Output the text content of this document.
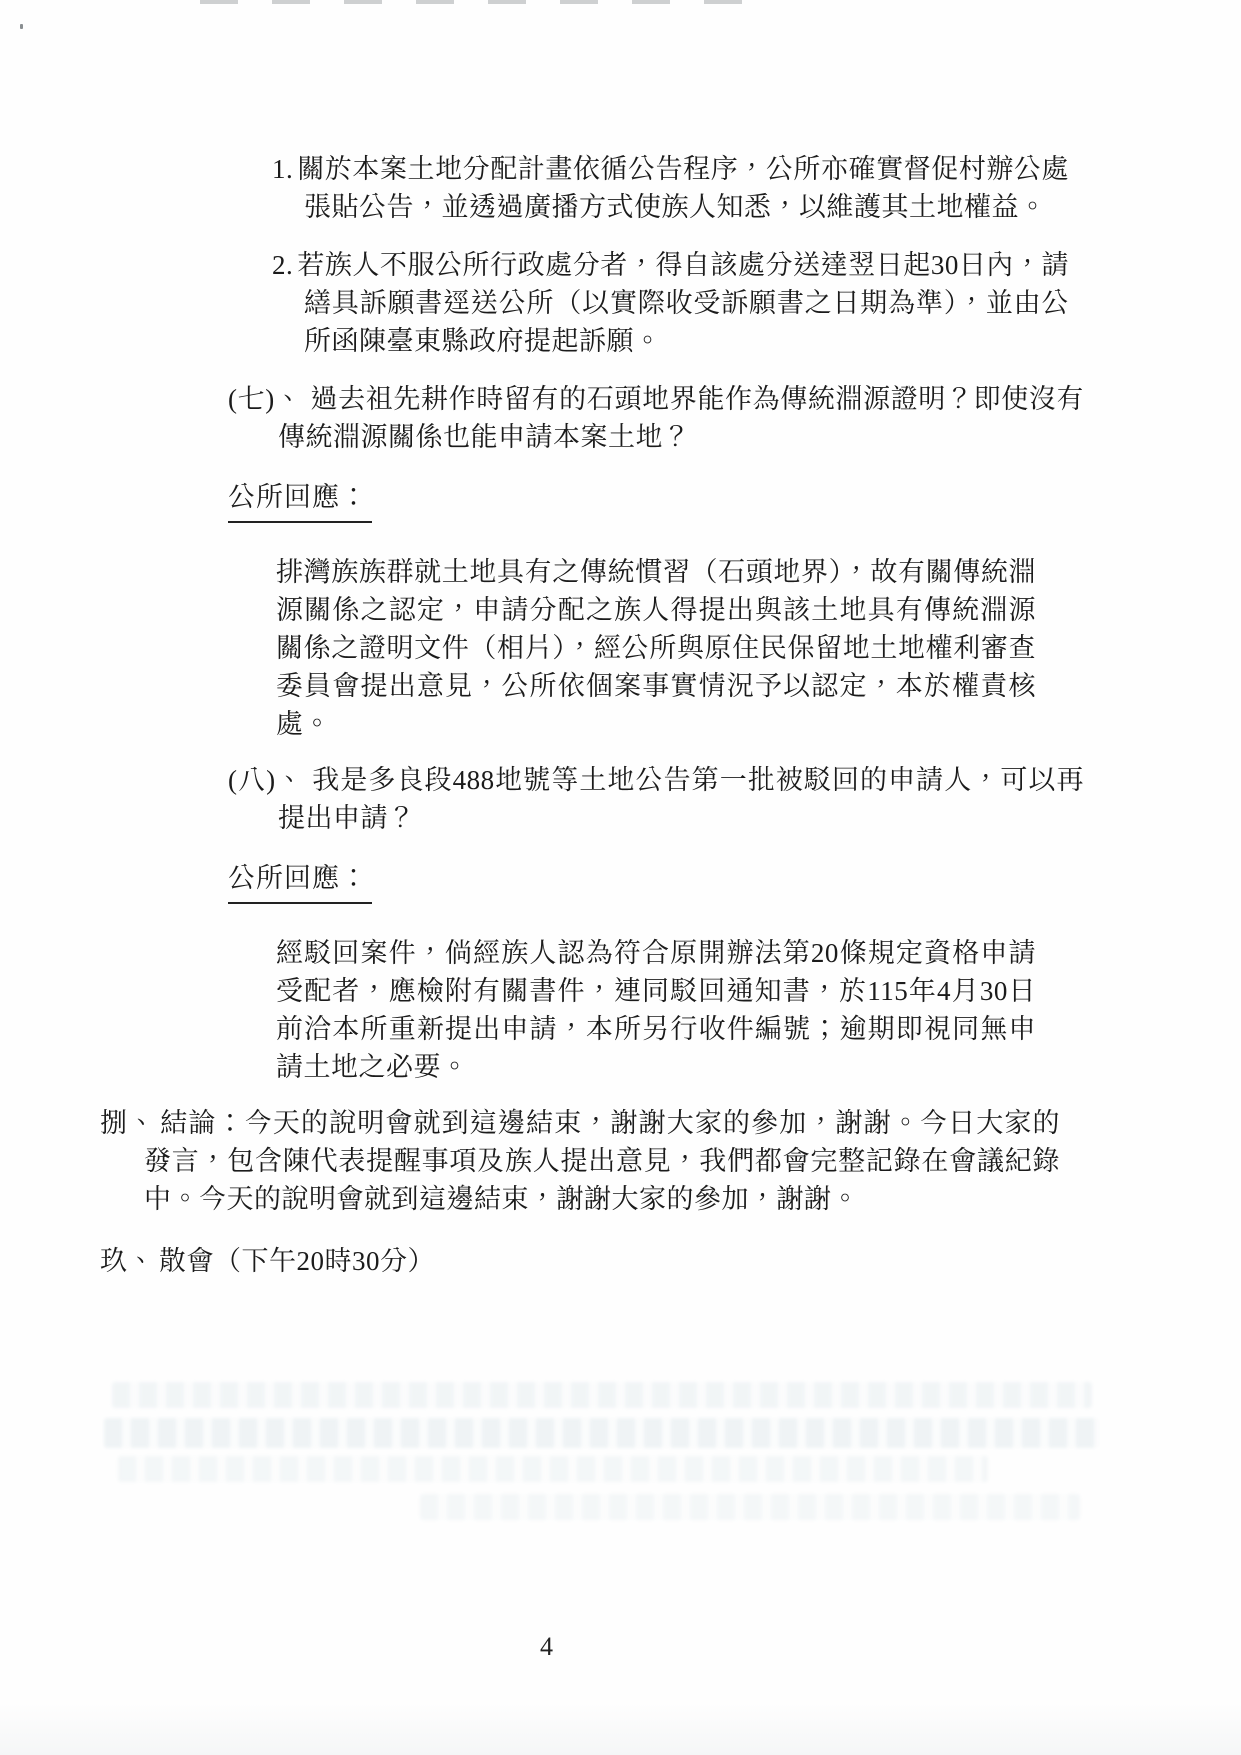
1. 關於本案土地分配計畫依循公告程序，公所亦確實督促村辦公處張貼公告，並透過廣播方式使族人知悉，以維護其土地權益。

2. 若族人不服公所行政處分者，得自該處分送達翌日起30日內，請繕具訴願書逕送公所（以實際收受訴願書之日期為準），並由公所函陳臺東縣政府提起訴願。

(七)、 過去祖先耕作時留有的石頭地界能作為傳統淵源證明？即使沒有傳統淵源關係也能申請本案土地？

公所回應：

排灣族族群就土地具有之傳統慣習（石頭地界），故有關傳統淵源關係之認定，申請分配之族人得提出與該土地具有傳統淵源關係之證明文件（相片），經公所與原住民保留地土地權利審查委員會提出意見，公所依個案事實情況予以認定，本於權責核處。

(八)、 我是多良段488地號等土地公告第一批被駁回的申請人，可以再提出申請？

公所回應：

經駁回案件，倘經族人認為符合原開辦法第20條規定資格申請受配者，應檢附有關書件，連同駁回通知書，於115年4月30日前洽本所重新提出申請，本所另行收件編號；逾期即視同無申請土地之必要。

捌、 結論：今天的說明會就到這邊結束，謝謝大家的參加，謝謝。今日大家的發言，包含陳代表提醒事項及族人提出意見，我們都會完整記錄在會議紀錄中。今天的說明會就到這邊結束，謝謝大家的參加，謝謝。

玖、 散會（下午20時30分）

4
